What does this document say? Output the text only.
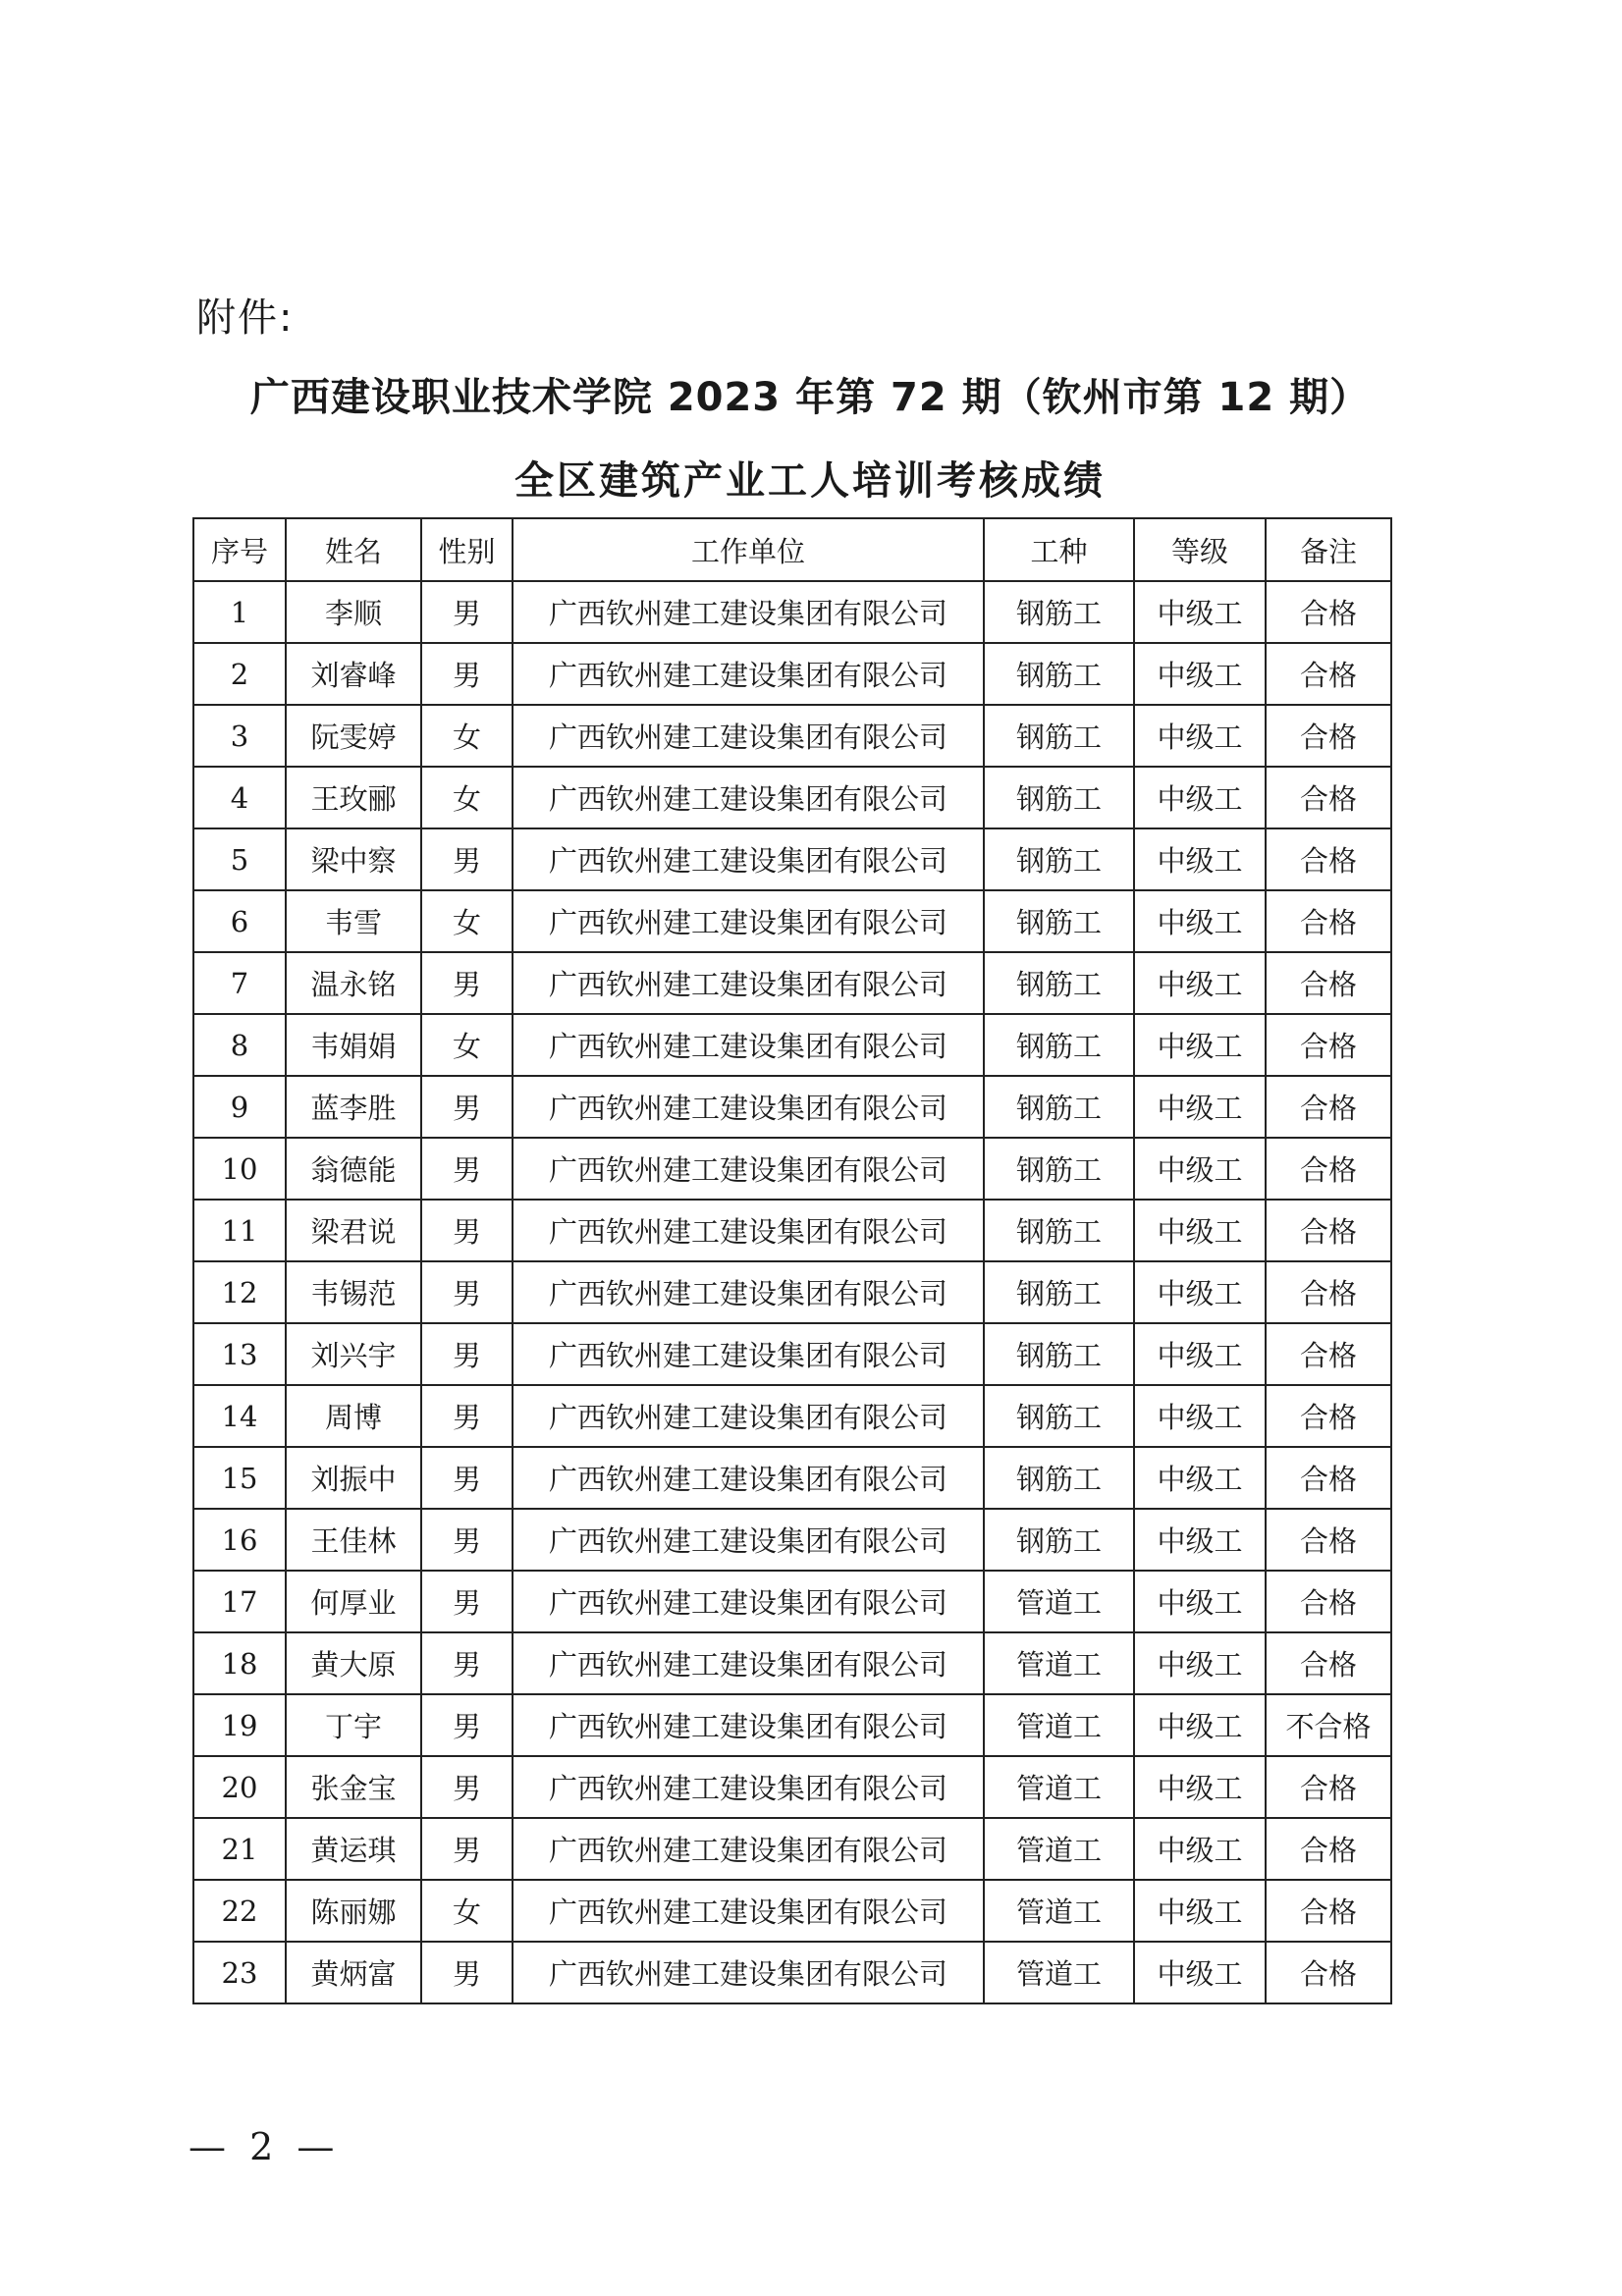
附件:
广西建设职业技术学院 2023 年第 72 期（钦州市第 12 期）
全区建筑产业工人培训考核成绩
序号	姓名	性别	工作单位	工种	等级	备注
1	李顺	男	广西钦州建工建设集团有限公司	钢筋工	中级工	合格
2	刘睿峰	男	广西钦州建工建设集团有限公司	钢筋工	中级工	合格
3	阮雯婷	女	广西钦州建工建设集团有限公司	钢筋工	中级工	合格
4	王玫郦	女	广西钦州建工建设集团有限公司	钢筋工	中级工	合格
5	梁中察	男	广西钦州建工建设集团有限公司	钢筋工	中级工	合格
6	韦雪	女	广西钦州建工建设集团有限公司	钢筋工	中级工	合格
7	温永铭	男	广西钦州建工建设集团有限公司	钢筋工	中级工	合格
8	韦娟娟	女	广西钦州建工建设集团有限公司	钢筋工	中级工	合格
9	蓝李胜	男	广西钦州建工建设集团有限公司	钢筋工	中级工	合格
10	翁德能	男	广西钦州建工建设集团有限公司	钢筋工	中级工	合格
11	梁君说	男	广西钦州建工建设集团有限公司	钢筋工	中级工	合格
12	韦锡范	男	广西钦州建工建设集团有限公司	钢筋工	中级工	合格
13	刘兴宇	男	广西钦州建工建设集团有限公司	钢筋工	中级工	合格
14	周博	男	广西钦州建工建设集团有限公司	钢筋工	中级工	合格
15	刘振中	男	广西钦州建工建设集团有限公司	钢筋工	中级工	合格
16	王佳林	男	广西钦州建工建设集团有限公司	钢筋工	中级工	合格
17	何厚业	男	广西钦州建工建设集团有限公司	管道工	中级工	合格
18	黄大原	男	广西钦州建工建设集团有限公司	管道工	中级工	合格
19	丁宇	男	广西钦州建工建设集团有限公司	管道工	中级工	不合格
20	张金宝	男	广西钦州建工建设集团有限公司	管道工	中级工	合格
21	黄运琪	男	广西钦州建工建设集团有限公司	管道工	中级工	合格
22	陈丽娜	女	广西钦州建工建设集团有限公司	管道工	中级工	合格
23	黄炳富	男	广西钦州建工建设集团有限公司	管道工	中级工	合格
— 2 —
